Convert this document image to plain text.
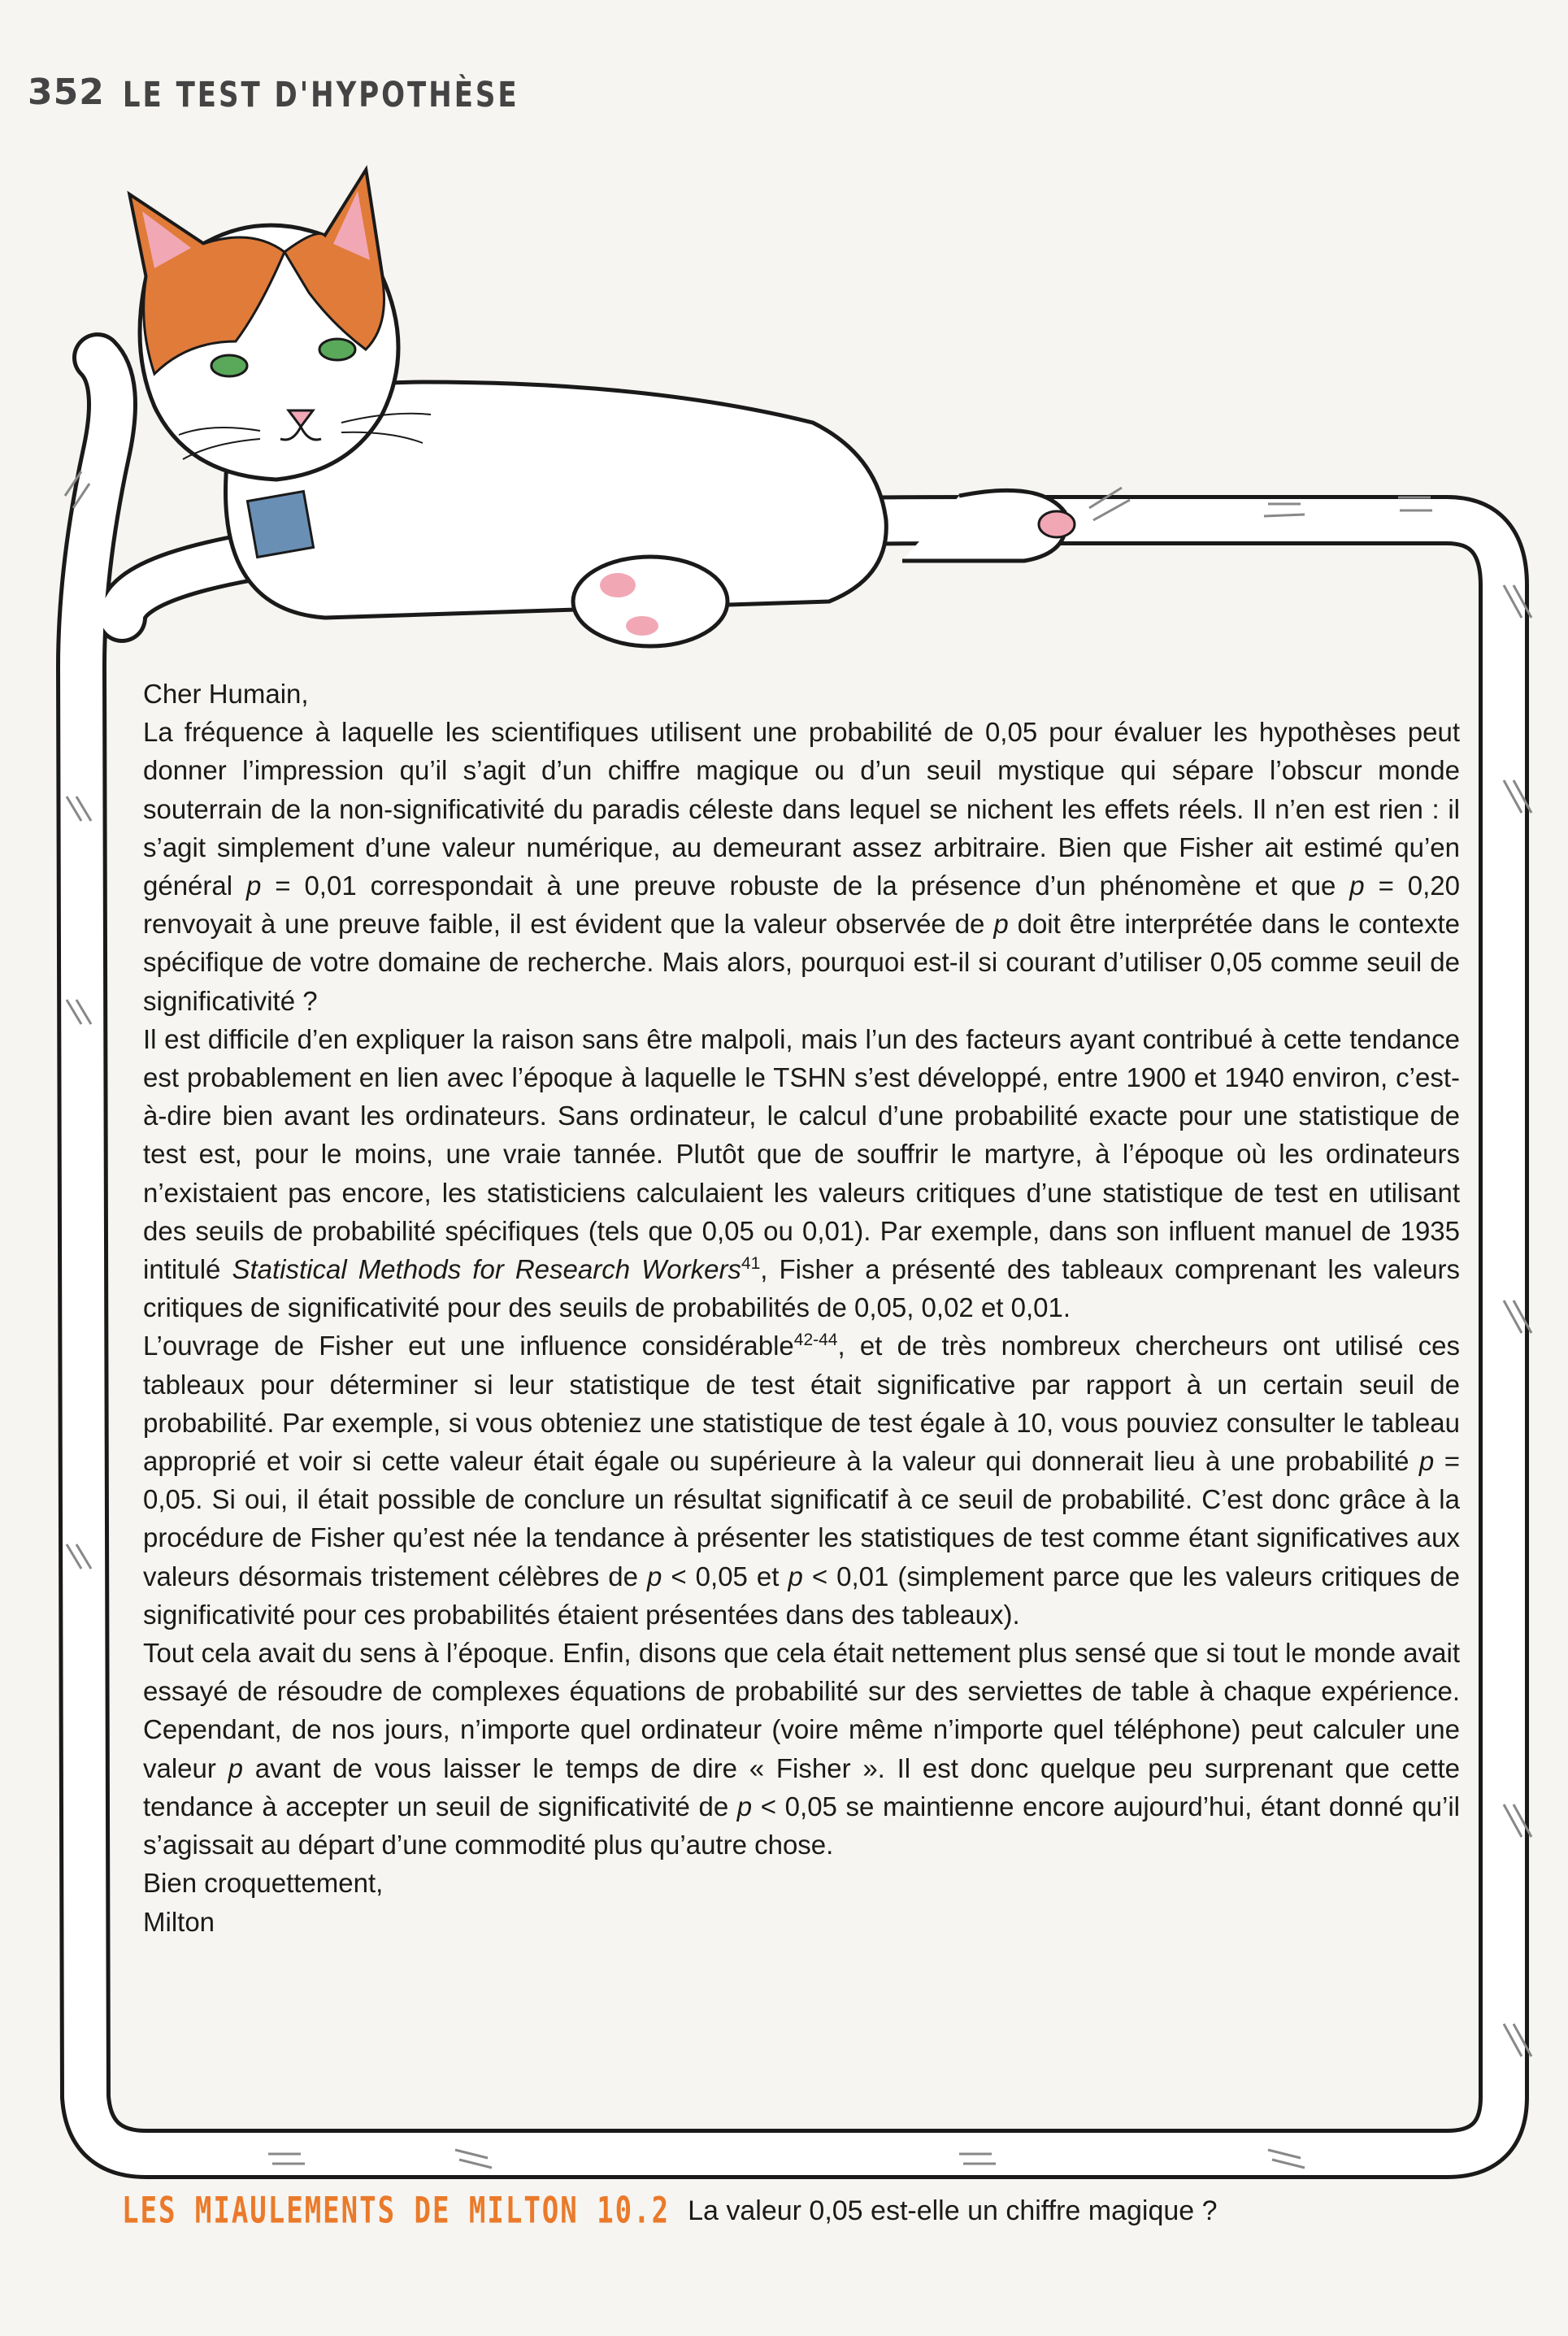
352 LE TEST D'HYPOTHÈSE

Cher Humain,

La fréquence à laquelle les scientifiques utilisent une probabilité de 0,05 pour évaluer les hypothèses peut donner l’impression qu’il s’agit d’un chiffre magique ou d’un seuil mystique qui sépare l’obscur monde souterrain de la non-significativité du paradis céleste dans lequel se nichent les effets réels. Il n’en est rien : il s’agit simplement d’une valeur numérique, au demeurant assez arbitraire. Bien que Fisher ait estimé qu’en général p = 0,01 correspondait à une preuve robuste de la présence d’un phénomène et que p = 0,20 renvoyait à une preuve faible, il est évident que la valeur observée de p doit être interprétée dans le contexte spécifique de votre domaine de recherche. Mais alors, pourquoi est-il si courant d’utiliser 0,05 comme seuil de significativité ?

Il est difficile d’en expliquer la raison sans être malpoli, mais l’un des facteurs ayant contribué à cette tendance est probablement en lien avec l’époque à laquelle le TSHN s’est développé, entre 1900 et 1940 environ, c’est-à-dire bien avant les ordinateurs. Sans ordinateur, le calcul d’une probabilité exacte pour une statistique de test est, pour le moins, une vraie tannée. Plutôt que de souffrir le martyre, à l’époque où les ordinateurs n’existaient pas encore, les statisticiens calculaient les valeurs critiques d’une statistique de test en utilisant des seuils de probabilité spécifiques (tels que 0,05 ou 0,01). Par exemple, dans son influent manuel de 1935 intitulé Statistical Methods for Research Workers$^{41}$, Fisher a présenté des tableaux comprenant les valeurs critiques de significativité pour des seuils de probabilités de 0,05, 0,02 et 0,01.

L’ouvrage de Fisher eut une influence considérable$^{42-44}$, et de très nombreux chercheurs ont utilisé ces tableaux pour déterminer si leur statistique de test était significative par rapport à un certain seuil de probabilité. Par exemple, si vous obteniez une statistique de test égale à 10, vous pouviez consulter le tableau approprié et voir si cette valeur était égale ou supérieure à la valeur qui donnerait lieu à une probabilité p = 0,05. Si oui, il était possible de conclure un résultat significatif à ce seuil de probabilité. C’est donc grâce à la procédure de Fisher qu’est née la tendance à présenter les statistiques de test comme étant significatives aux valeurs désormais tristement célèbres de p < 0,05 et p < 0,01 (simplement parce que les valeurs critiques de significativité pour ces probabilités étaient présentées dans des tableaux).

Tout cela avait du sens à l’époque. Enfin, disons que cela était nettement plus sensé que si tout le monde avait essayé de résoudre de complexes équations de probabilité sur des serviettes de table à chaque expérience. Cependant, de nos jours, n’importe quel ordinateur (voire même n’importe quel téléphone) peut calculer une valeur p avant de vous laisser le temps de dire « Fisher ». Il est donc quelque peu surprenant que cette tendance à accepter un seuil de significativité de p < 0,05 se maintienne encore aujourd’hui, étant donné qu’il s’agissait au départ d’une commodité plus qu’autre chose.

Bien croquettement,

Milton

LES MIAULEMENTS DE MILTON 10.2 La valeur 0,05 est-elle un chiffre magique ?
